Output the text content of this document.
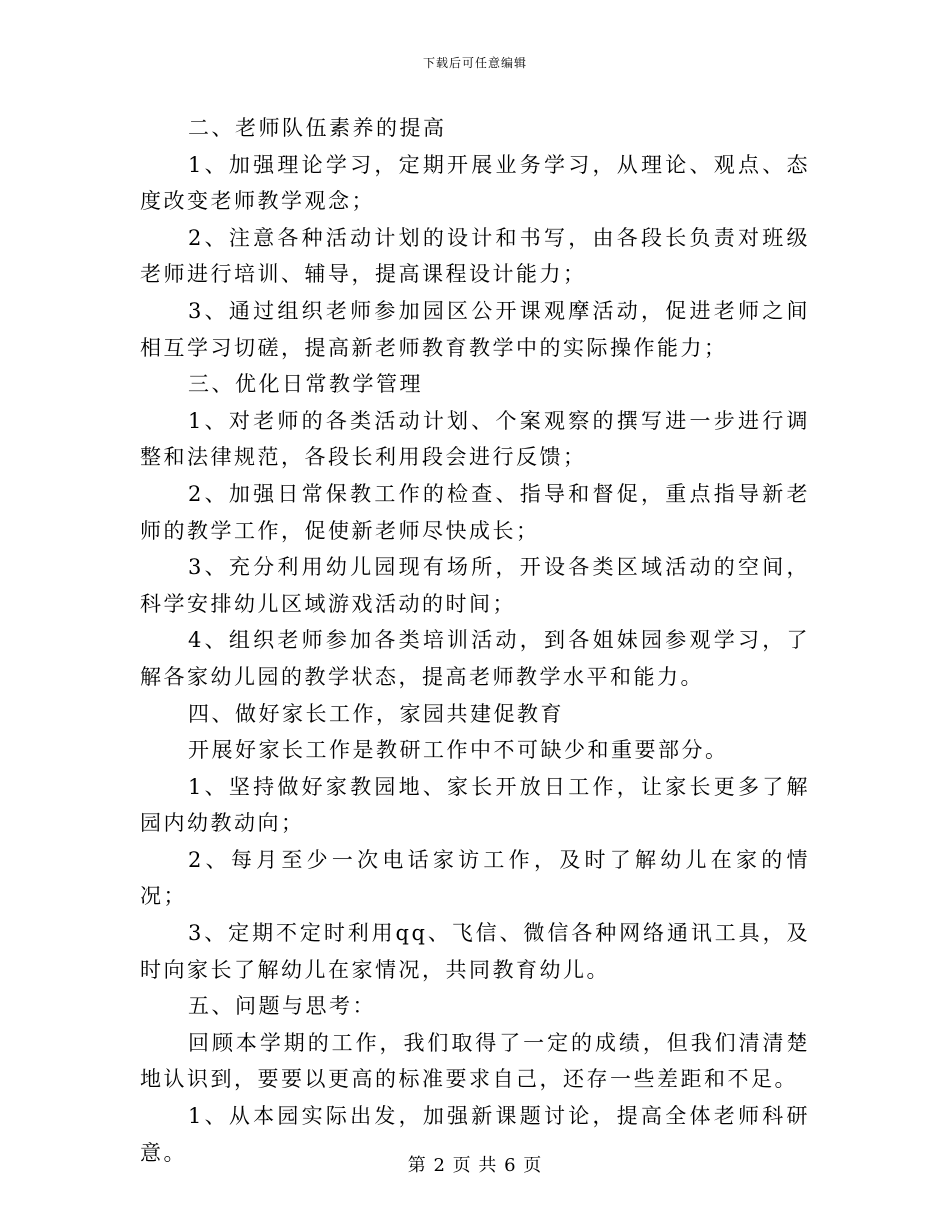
下载后可任意编辑

二、老师队伍素养的提高

1、加强理论学习，定期开展业务学习，从理论、观点、态度改变老师教学观念；

2、注意各种活动计划的设计和书写，由各段长负责对班级老师进行培训、辅导，提高课程设计能力；

3、通过组织老师参加园区公开课观摩活动，促进老师之间相互学习切磋，提高新老师教育教学中的实际操作能力；

三、优化日常教学管理

1、对老师的各类活动计划、个案观察的撰写进一步进行调整和法律规范，各段长利用段会进行反馈；

2、加强日常保教工作的检查、指导和督促，重点指导新老师的教学工作，促使新老师尽快成长；

3、充分利用幼儿园现有场所，开设各类区域活动的空间，科学安排幼儿区域游戏活动的时间；

4、组织老师参加各类培训活动，到各姐妹园参观学习，了解各家幼儿园的教学状态，提高老师教学水平和能力。

四、做好家长工作，家园共建促教育

开展好家长工作是教研工作中不可缺少和重要部分。

1、坚持做好家教园地、家长开放日工作，让家长更多了解园内幼教动向；

2、每月至少一次电话家访工作，及时了解幼儿在家的情况；

3、定期不定时利用qq、飞信、微信各种网络通讯工具，及时向家长了解幼儿在家情况，共同教育幼儿。

五、问题与思考：

回顾本学期的工作，我们取得了一定的成绩，但我们清清楚地认识到，要要以更高的标准要求自己，还存一些差距和不足。

1、从本园实际出发，加强新课题讨论，提高全体老师科研意。

第 2 页 共 6 页
